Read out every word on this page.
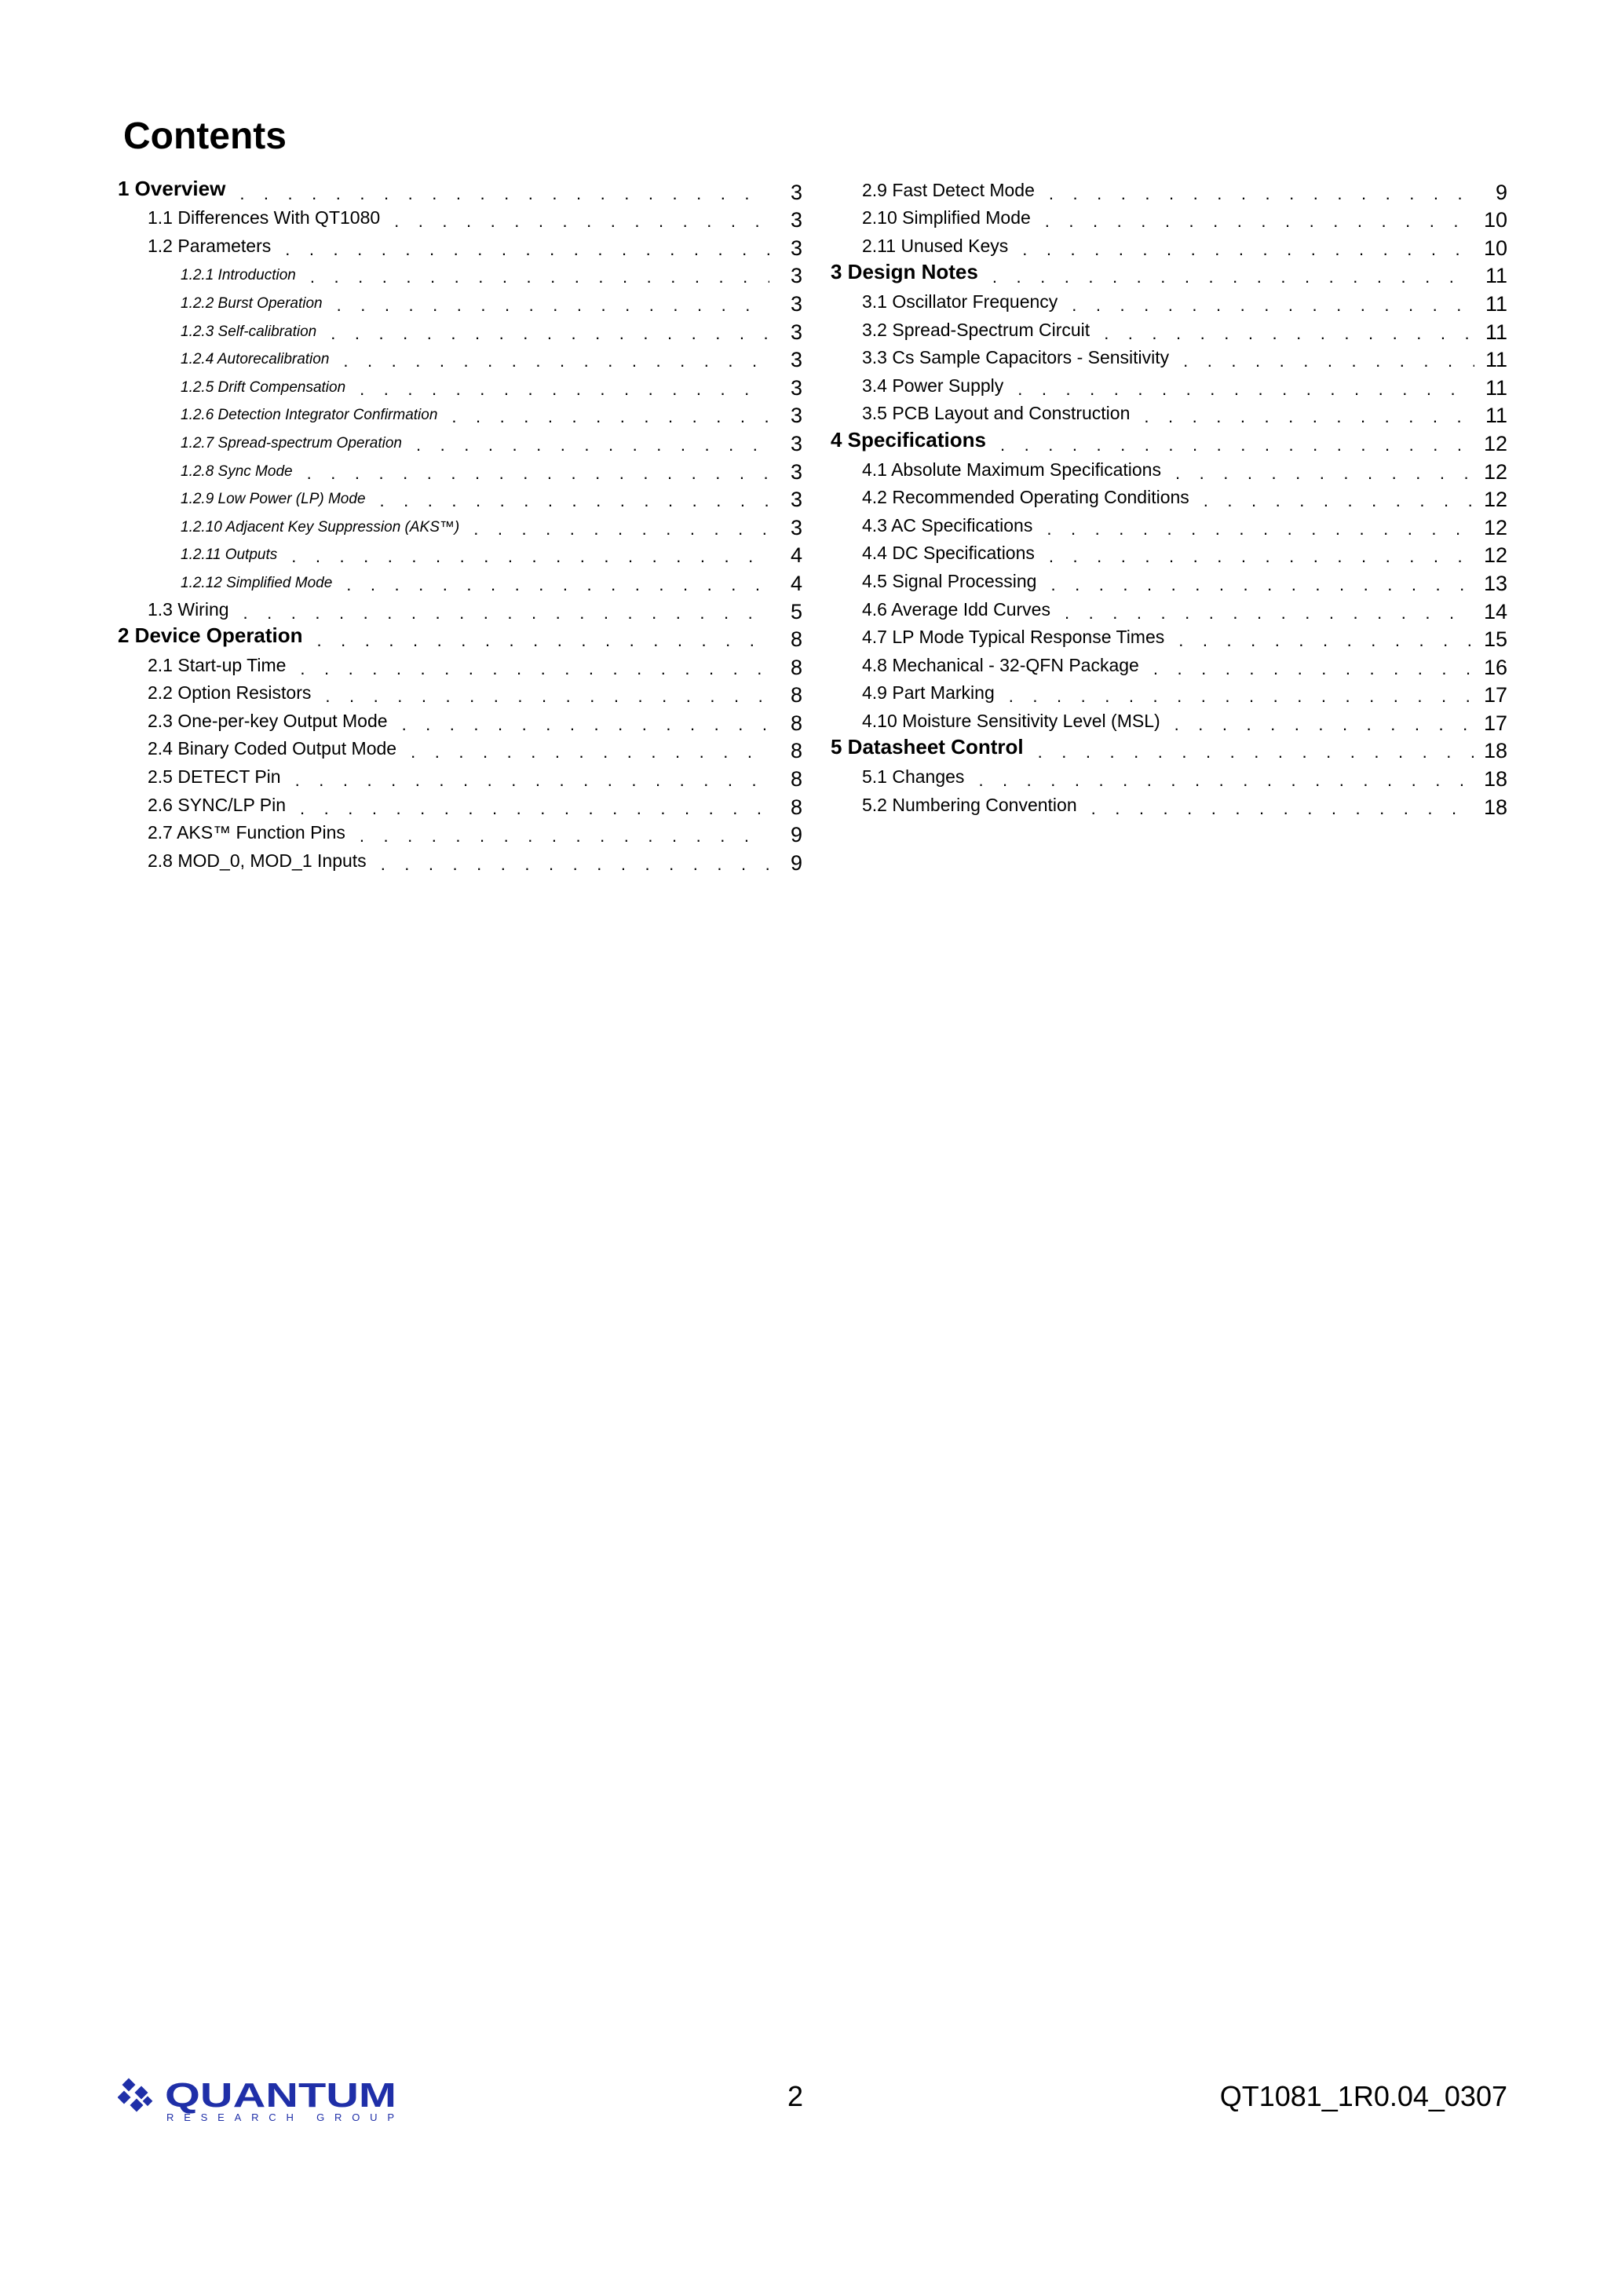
Contents
1 Overview . . .	3
1.1 Differences With QT1080 . . .	3
1.2 Parameters . . .	3
1.2.1 Introduction . . .	3
1.2.2 Burst Operation . . .	3
1.2.3 Self-calibration . . .	3
1.2.4 Autorecalibration . . .	3
1.2.5 Drift Compensation . . .	3
1.2.6 Detection Integrator Confirmation . . .	3
1.2.7 Spread-spectrum Operation . . .	3
1.2.8 Sync Mode . . .	3
1.2.9 Low Power (LP) Mode . . .	3
1.2.10 Adjacent Key Suppression (AKS™) . . .	3
1.2.11 Outputs . . .	4
1.2.12 Simplified Mode . . .	4
1.3 Wiring . . .	5
2 Device Operation . . .	8
2.1 Start-up Time . . .	8
2.2 Option Resistors . . .	8
2.3 One-per-key Output Mode . . .	8
2.4 Binary Coded Output Mode . . .	8
2.5 DETECT Pin . . .	8
2.6 SYNC/LP Pin . . .	8
2.7 AKS™ Function Pins . . .	9
2.8 MOD_0, MOD_1 Inputs . . .	9
2.9 Fast Detect Mode . . .	9
2.10 Simplified Mode . . .	10
2.11 Unused Keys . . .	10
3 Design Notes . . .	11
3.1 Oscillator Frequency . . .	11
3.2 Spread-Spectrum Circuit . . .	11
3.3 Cs Sample Capacitors - Sensitivity . . .	11
3.4 Power Supply . . .	11
3.5 PCB Layout and Construction . . .	11
4 Specifications . . .	12
4.1 Absolute Maximum Specifications . . .	12
4.2 Recommended Operating Conditions . . .	12
4.3 AC Specifications . . .	12
4.4 DC Specifications . . .	12
4.5 Signal Processing . . .	13
4.6 Average Idd Curves . . .	14
4.7 LP Mode Typical Response Times . . .	15
4.8 Mechanical - 32-QFN Package . . .	16
4.9 Part Marking . . .	17
4.10 Moisture Sensitivity Level (MSL) . . .	17
5 Datasheet Control . . .	18
5.1 Changes . . .	18
5.2 Numbering Convention . . .	18
QUANTUM
RESEARCH GROUP
2	QT1081_1R0.04_0307
